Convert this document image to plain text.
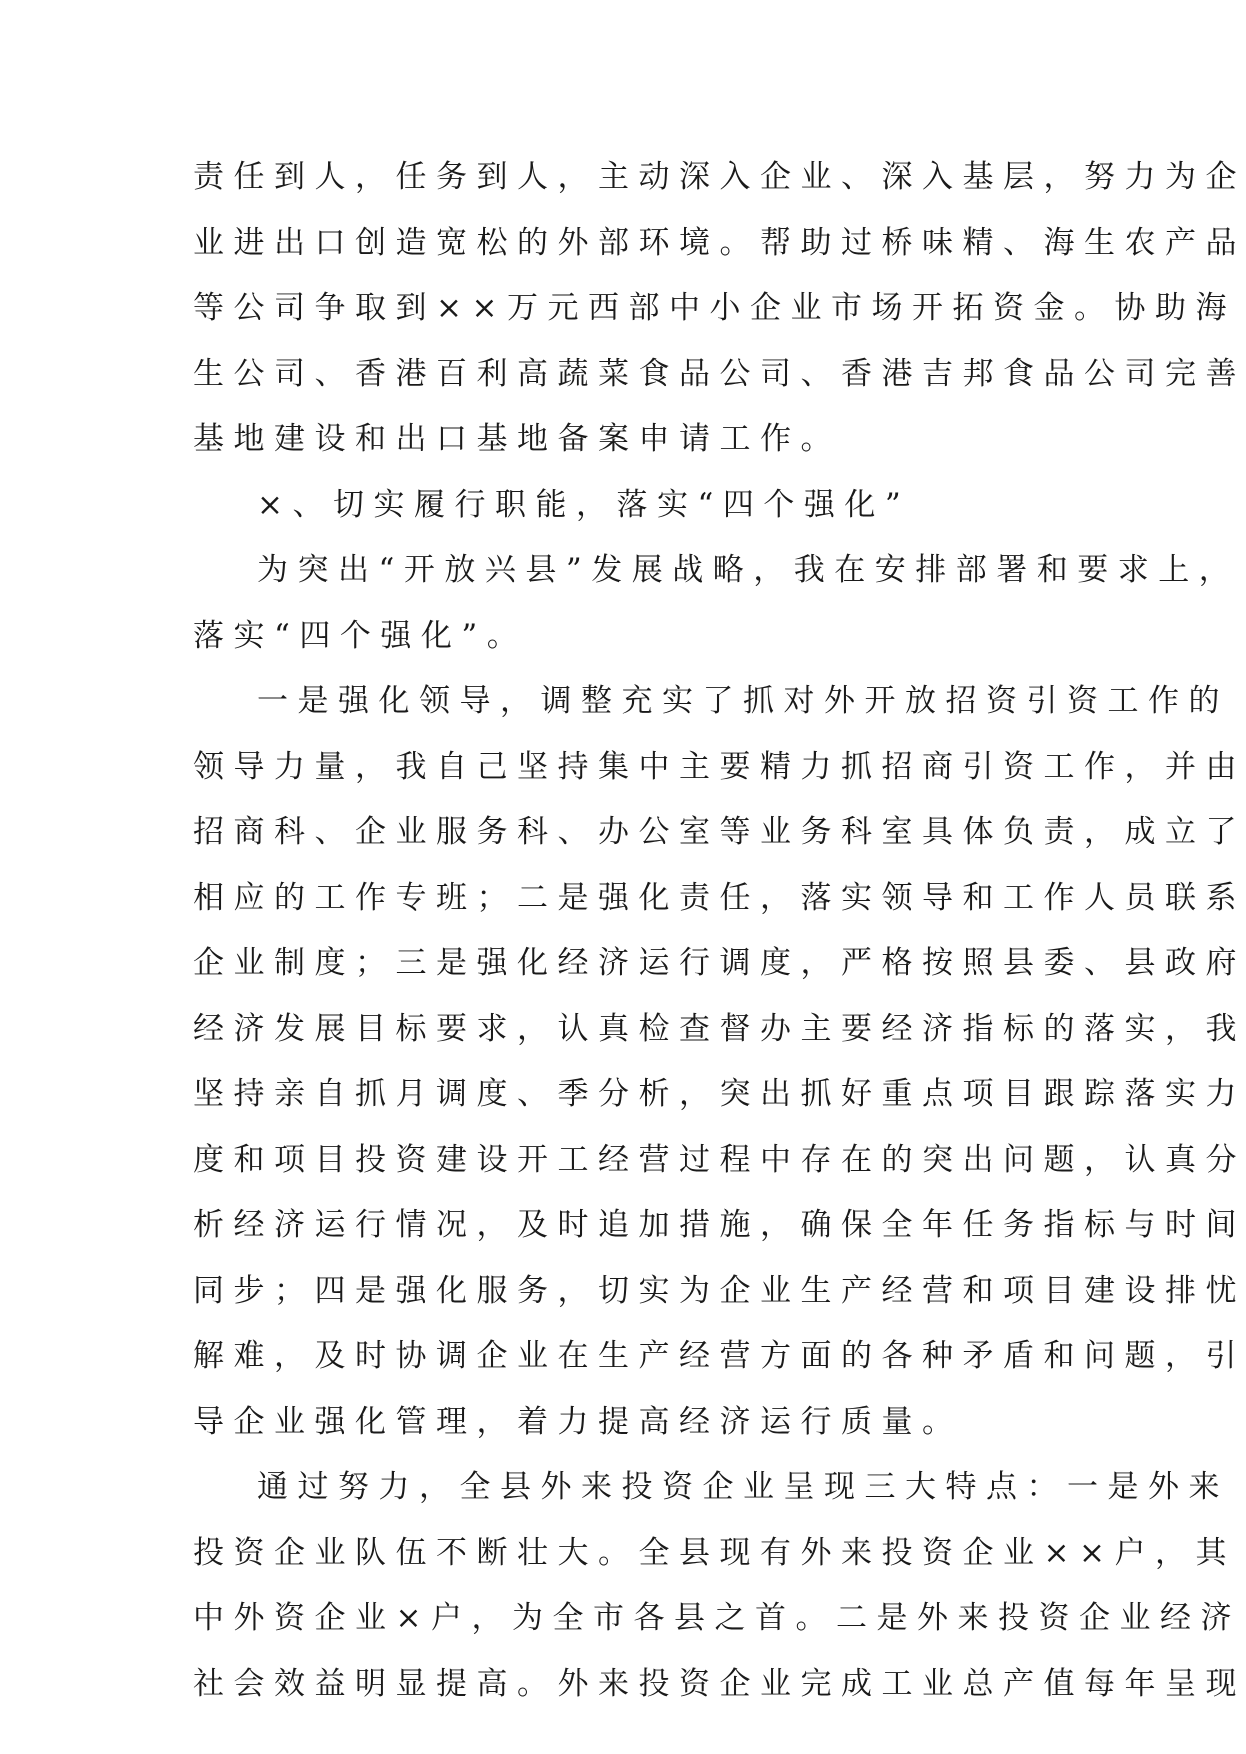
责任到人，任务到人，主动深入企业、深入基层，努力为企
业进出口创造宽松的外部环境。帮助过桥味精、海生农产品
等公司争取到××万元西部中小企业市场开拓资金。协助海
生公司、香港百利高蔬菜食品公司、香港吉邦食品公司完善
基地建设和出口基地备案申请工作。
×、切实履行职能，落实“四个强化”
为突出“开放兴县”发展战略，我在安排部署和要求上，
落实“四个强化”。
一是强化领导，调整充实了抓对外开放招资引资工作的
领导力量，我自己坚持集中主要精力抓招商引资工作，并由
招商科、企业服务科、办公室等业务科室具体负责，成立了
相应的工作专班；二是强化责任，落实领导和工作人员联系
企业制度；三是强化经济运行调度，严格按照县委、县政府
经济发展目标要求，认真检查督办主要经济指标的落实，我
坚持亲自抓月调度、季分析，突出抓好重点项目跟踪落实力
度和项目投资建设开工经营过程中存在的突出问题，认真分
析经济运行情况，及时追加措施，确保全年任务指标与时间
同步；四是强化服务，切实为企业生产经营和项目建设排忧
解难，及时协调企业在生产经营方面的各种矛盾和问题，引
导企业强化管理，着力提高经济运行质量。
通过努力，全县外来投资企业呈现三大特点：一是外来
投资企业队伍不断壮大。全县现有外来投资企业××户，其
中外资企业×户，为全市各县之首。二是外来投资企业经济
社会效益明显提高。外来投资企业完成工业总产值每年呈现
